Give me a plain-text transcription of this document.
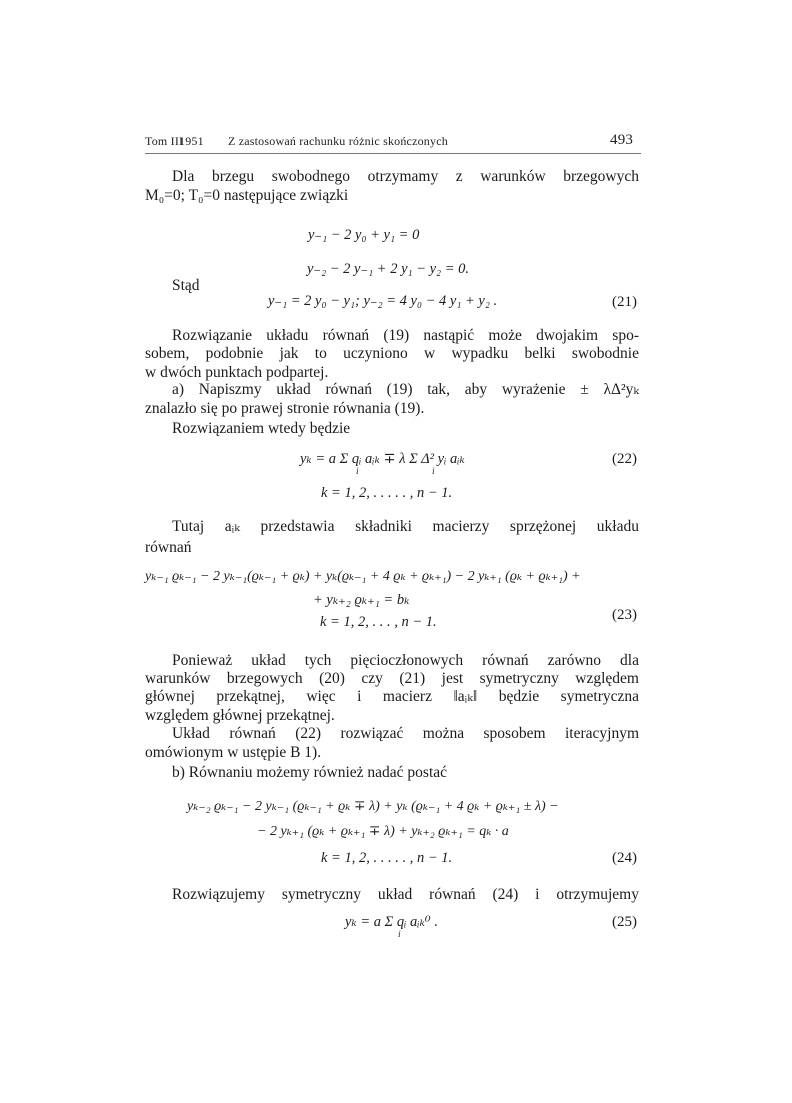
Tom III
1951 Z zastosowań rachunku różnic skończonych	493
Dla brzegu swobodnego otrzymamy z warunków brzegowych
M₀=0; T₀=0 następujące związki
y₋₁ − 2 y₀ + y₁ = 0
y₋₂ − 2 y₋₁ + 2 y₁ − y₂ = 0.
Stąd
y₋₁ = 2 y₀ − y₁; y₋₂ = 4 y₀ − 4 y₁ + y₂ .	(21)
Rozwiązanie układu równań (19) nastąpić może dwojakim spo-
sobem, podobnie jak to uczyniono w wypadku belki swobodnie
w dwóch punktach podpartej.
a) Napiszmy układ równań (19) tak, aby wyrażenie ± λΔ²yₖ
znalazło się po prawej stronie równania (19).
Rozwiązaniem wtedy będzie
yₖ = a Σ qᵢ aᵢₖ ∓ λ Σ Δ² yᵢ aᵢₖ
i	i
(22)
k = 1, 2, . . . . . , n − 1.
Tutaj aᵢₖ przedstawia składniki macierzy sprzężonej układu
równań
yₖ₋₁ ϱₖ₋₁ − 2 yₖ₋₁(ϱₖ₋₁ + ϱₖ) + yₖ(ϱₖ₋₁ + 4 ϱₖ + ϱₖ₊₁) − 2 yₖ₊₁ (ϱₖ + ϱₖ₊₁) +
+ yₖ₊₂ ϱₖ₊₁ = bₖ
(23)
k = 1, 2, . . . , n − 1.
Ponieważ układ tych pięcioczłonowych równań zarówno dla
warunków brzegowych (20) czy (21) jest symetryczny względem
głównej przekątnej, więc i macierz ‖aᵢₖ‖ będzie symetryczna
względem głównej przekątnej.
Układ równań (22) rozwiązać można sposobem iteracyjnym
omówionym w ustępie B 1).
b) Równaniu możemy również nadać postać
yₖ₋₂ ϱₖ₋₁ − 2 yₖ₋₁ (ϱₖ₋₁ + ϱₖ ∓ λ) + yₖ (ϱₖ₋₁ + 4 ϱₖ + ϱₖ₊₁ ± λ) −
− 2 yₖ₊₁ (ϱₖ + ϱₖ₊₁ ∓ λ) + yₖ₊₂ ϱₖ₊₁ = qₖ · a
k = 1, 2, . . . . . , n − 1.	(24)
Rozwiązujemy symetryczny układ równań (24) i otrzymujemy
yₖ = a Σ qᵢ aᵢₖ⁰ .
i
(25)
